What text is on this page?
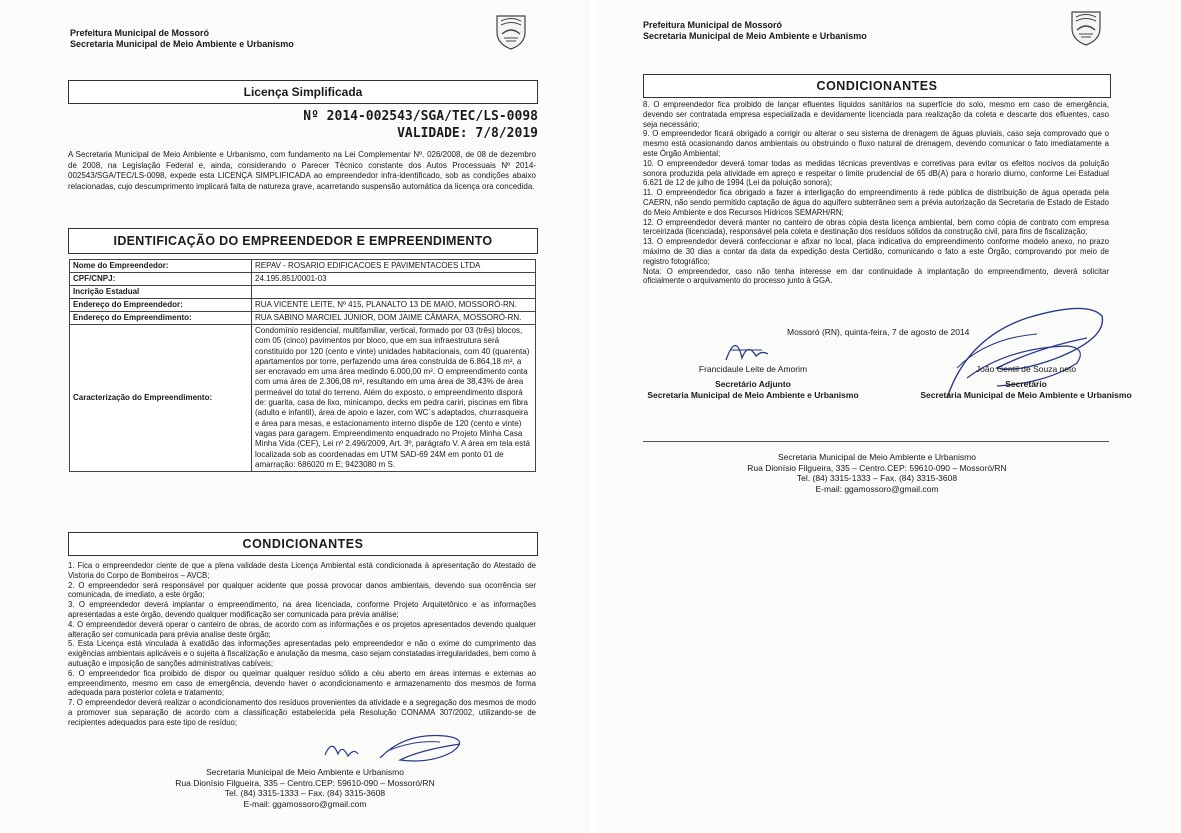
Prefeitura Municipal de Mossoró
Secretaria Municipal de Meio Ambiente e Urbanismo
Licença Simplificada
Nº 2014-002543/SGA/TEC/LS-0098
VALIDADE: 7/8/2019
A Secretaria Municipal de Meio Ambiente e Urbanismo, com fundamento na Lei Complementar Nº. 026/2008, de 08 de dezembro de 2008, na Legislação Federal e, ainda, considerando o Parecer Técnico constante dos Autos Processuais Nº 2014-002543/SGA/TEC/LS-0098, expede esta LICENÇA SIMPLIFICADA ao empreendedor infra-identificado, sob as condições abaixo relacionadas, cujo descumprimento implicará falta de natureza grave, acarretando suspensão automática da licença ora concedida.
IDENTIFICAÇÃO DO EMPREENDEDOR E EMPREENDIMENTO
Nome do Empreendedor:	REPAV - ROSARIO EDIFICACOES E PAVIMENTACOES LTDA
CPF/CNPJ:	24.195.851/0001-03
Incrição Estadual	
Endereço do Empreendedor:	RUA VICENTE LEITE, Nº 415, PLANALTO 13 DE MAIO, MOSSORÓ-RN.
Endereço do Empreendimento:	RUA SABINO MARCIEL JÚNIOR, DOM JAIME CÂMARA, MOSSORÓ-RN.
Caracterização do Empreendimento:	Condomínio residencial, multifamiliar, vertical, formado por 03 (três) blocos, com 05 (cinco) pavimentos por bloco, que em sua infraestrutura será constituído por 120 (cento e vinte) unidades habitacionais, com 40 (quarenta) apartamentos por torre, perfazendo uma área construída de 6.864,18 m², a ser encravado em uma área medindo 6.000,00 m². O empreendimento conta com uma área de 2.306,08 m², resultando em uma área de 38,43% de área permeável do total do terreno. Além do exposto, o empreendimento disporá de: guarita, casa de lixo, minicampo, decks em pedra cariri, piscinas em fibra (adulto e infantil), área de apoio e lazer, com WC´s adaptados, churrasqueira e área para mesas, e estacionamento interno dispõe de 120 (cento e vinte) vagas para garagem. Empreendimento enquadrado no Projeto Minha Casa Minha Vida (CEF), Lei nº 2.496/2009, Art. 3º, parágrafo V. A área em tela está localizada sob as coordenadas em UTM SAD-69 24M em ponto 01 de amarração: 686020 m E; 9423080 m S.
CONDICIONANTES

1. Fica o empreendedor ciente de que a plena validade desta Licença Ambiental está condicionada à apresentação do Atestado de Vistoria do Corpo de Bombeiros – AVCB;

2. O empreendedor será responsável por qualquer acidente que possa provocar danos ambientais, devendo sua ocorrência ser comunicada, de imediato, a este órgão;

3. O empreendedor deverá implantar o empreendimento, na área licenciada, conforme Projeto Arquitetônico e as informações apresentadas a este órgão, devendo qualquer modificação ser comunicada para prévia análise;

4. O empreendedor deverá operar o canteiro de obras, de acordo com as informações e os projetos apresentados devendo qualquer alteração ser comunicada para prévia analise deste órgão;

5. Esta Licença está vinculada à exatidão das informações apresentadas pelo empreendedor e não o exime do cumprimento das exigências ambientais aplicáveis e o sujeita à fiscalização e anulação da mesma, caso sejam constatadas irregularidades, bem como à autuação e imposição de sanções administrativas cabíveis;

6. O empreendedor fica proibido de dispor ou queimar qualquer resíduo sólido a céu aberto em áreas internas e externas ao empreendimento, mesmo em caso de emergência, devendo haver o acondicionamento e armazenamento dos mesmos de forma adequada para posterior coleta e tratamento;

7. O empreendedor deverá realizar o acondicionamento dos resíduos provenientes da atividade e a segregação dos mesmos de modo a promover sua separação de acordo com a classificação estabelecida pela Resolução CONAMA 307/2002, utilizando-se de recipientes adequados para este tipo de resíduo;

Secretaria Municipal de Meio Ambiente e Urbanismo
Rua Dionísio Filgueira, 335 – Centro.CEP: 59610-090 – Mossoró/RN
Tel. (84) 3315-1333 – Fax. (84) 3315-3608
E-mail: ggamossoro@gmail.com
Prefeitura Municipal de Mossoró
Secretaria Municipal de Meio Ambiente e Urbanismo
CONDICIONANTES

8. O empreendedor fica proibido de lançar efluentes líquidos sanitários na superfície do solo, mesmo em caso de emergência, devendo ser contratada empresa especializada e devidamente licenciada para realização da coleta e descarte dos efluentes, caso seja necessário;

9. O empreendedor ficará obrigado a corrigir ou alterar o seu sistema de drenagem de águas pluviais, caso seja comprovado que o mesmo está ocasionando danos ambientais ou obstruindo o fluxo natural de drenagem, devendo comunicar o fato imediatamente a este Órgão Ambiental;

10. O empreendedor deverá tomar todas as medidas técnicas preventivas e corretivas para evitar os efeitos nocivos da poluição sonora produzida pela atividade em apreço e respeitar o limite prudencial de 65 dB(A) para o horario diurno, conforme Lei Estadual 6.621 de 12 de julho de 1994 (Lei da poluição sonora);

11. O empreendedor fica obrigado a fazer a interligação do empreendimento à rede pública de distribuição de água operada pela CAERN, não sendo permitido captação de água do aquífero subterrâneo sem a prévia autorização da Secretaria de Estado de Estado do Meio Ambiente e dos Recursos Hídricos SEMARH/RN;

12. O empreendedor deverá manter no canteiro de obras cópia desta licença ambiental, bem como cópia de contrato com empresa terceirizada (licenciada), responsável pela coleta e destinação dos resíduos sólidos da construção civil, para fins de fiscalização;

13. O empreendedor deverá confeccionar e afixar no local, placa indicativa do empreendimento conforme modelo anexo, no prazo máximo de 30 dias a contar da data da expedição desta Certidão, comunicando o fato a este Órgão, comprovando por meio de registro fotográfico;

Nota: O empreendedor, caso não tenha interesse em dar continuidade à implantação do empreendimento, deverá solicitar oficialmente o arquivamento do processo junto à GGA.

Mossoró (RN), quinta-feira, 7 de agosto de 2014
Francidaule Leite de Amorim
Secretário Adjunto
Secretaria Municipal de Meio Ambiente e Urbanismo
João Gentil de Souza neto
Secretário
Secretaria Municipal de Meio Ambiente e Urbanismo
Secretaria Municipal de Meio Ambiente e Urbanismo
Rua Dionísio Filgueira, 335 – Centro.CEP: 59610-090 – Mossoró/RN
Tel. (84) 3315-1333 – Fax. (84) 3315-3608
E-mail: ggamossoro@gmail.com
